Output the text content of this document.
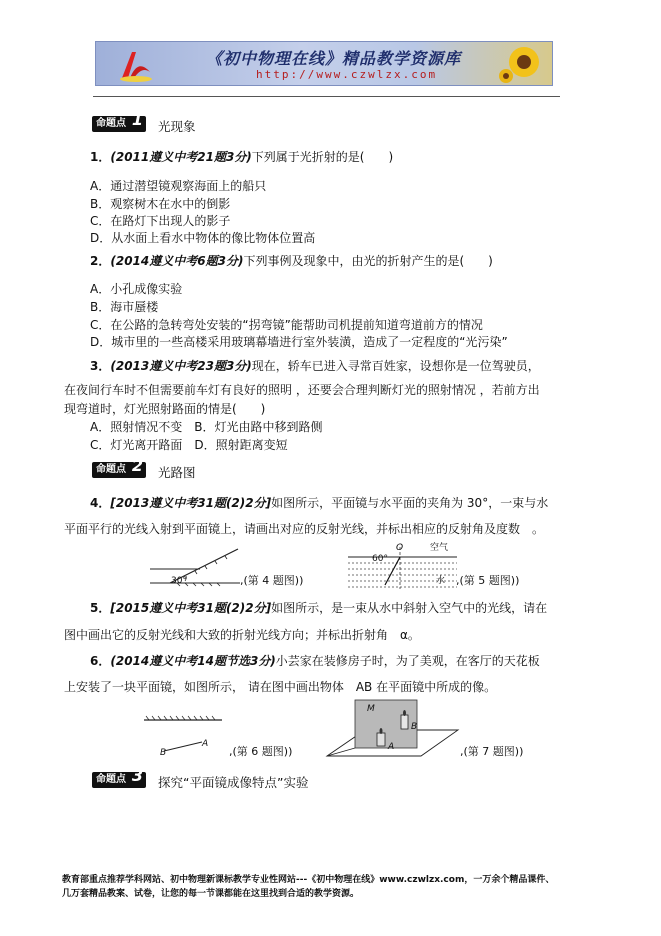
《初中物理在线》精品教学资源库
http://www.czwlzx.com
命题点 1 光现象
1．(2011遵义中考21题3分)下列属于光折射的是(　　)
A．通过潜望镜观察海面上的船只
B．观察树木在水中的倒影
C．在路灯下出现人的影子
D．从水面上看水中物体的像比物体位置高
2．(2014遵义中考6题3分)下列事例及现象中，由光的折射产生的是(　　)
A．小孔成像实验
B．海市蜃楼
C．在公路的急转弯处安装的“拐弯镜”能帮助司机提前知道弯道前方的情况
D．城市里的一些高楼采用玻璃幕墙进行室外装潢，造成了一定程度的“光污染”
3．(2013遵义中考23题3分)现在，轿车已进入寻常百姓家，设想你是一位驾驶员，
在夜间行车时不但需要前车灯有良好的照明 ，还要会合理判断灯光的照射情况 ，若前方出
现弯道时，灯光照射路面的情是(　　)
A．照射情况不变　B．灯光由路中移到路侧
C．灯光离开路面　D．照射距离变短
命题点 2 光路图
4．[2013遵义中考31题(2)2分]如图所示，平面镜与水平面的夹角为 30°，一束与水
平面平行的光线入射到平面镜上，请画出对应的反射光线，并标出相应的反射角及度数　。
30°	,(第 4 题图))
O	空气
60°
水 ,(第 5 题图))
5．[2015遵义中考31题(2)2分]如图所示，是一束从水中斜射入空气中的光线，请在
图中画出它的反射光线和大致的折射光线方向；并标出折射角　α。
6．(2014遵义中考14题节选3分)小芸家在装修房子时，为了美观，在客厅的天花板
上安装了一块平面镜，如图所示， 请在图中画出物体　AB 在平面镜中所成的像。
A
B	,(第 6 题图))
M
B
A	,(第 7 题图))
命题点 3 探究“平面镜成像特点”实验
教育部重点推荐学科网站、初中物理新课标教学专业性网站---《初中物理在线》www.czwlzx.com，一万余个精品课件、
几万套精品教案、试卷，让您的每一节课都能在这里找到合适的教学资源。
